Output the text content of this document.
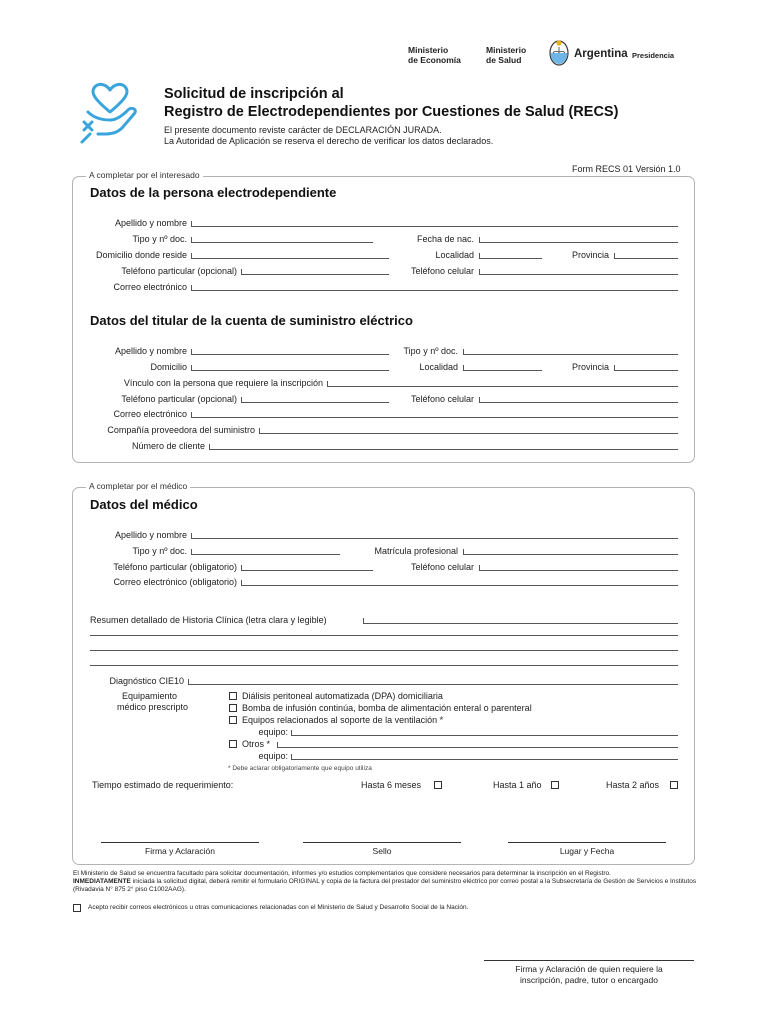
Ministerio
de Economía
Ministerio
de Salud	Argentina Presidencia
Solicitud de inscripción al
Registro de Electrodependientes por Cuestiones de Salud (RECS)
El presente documento reviste carácter de DECLARACIÓN JURADA.
La Autoridad de Aplicación se reserva el derecho de verificar los datos declarados.
Form RECS 01 Versión 1.0
A completar por el interesado
Datos de la persona electrodependiente
Apellido y nombre
Tipo y nº doc.	Fecha de nac.
Domicilio donde reside	Localidad	Provincia
Teléfono particular (opcional)	Teléfono celular
Correo electrónico
Datos del titular de la cuenta de suministro eléctrico
Apellido y nombre	Tipo y nº doc.
Domicilio	Localidad	Provincia
Vínculo con la persona que requiere la inscripción
Teléfono particular (opcional)	Teléfono celular
Correo electrónico
Compañía proveedora del suministro
Número de cliente
A completar por el médico
Datos del médico
Apellido y nombre
Tipo y nº doc.	Matrícula profesional
Teléfono particular (obligatorio)	Teléfono celular
Correo electrónico (obligatorio)
Resumen detallado de Historia Clínica (letra clara y legible)
Diagnóstico CIE10
Equipamiento
médico prescripto
Diálisis peritoneal automatizada (DPA) domiciliaria
Bomba de infusión continúa, bomba de alimentación enteral o parenteral
Equipos relacionados al soporte de la ventilación *
equipo:
Otros *
equipo:
* Debe aclarar obligatoriamente que equipo utiliza
Tiempo estimado de requerimiento:	Hasta 6 meses	Hasta 1 año	Hasta 2 años
Firma y Aclaración	Sello	Lugar y Fecha
El Ministerio de Salud se encuentra facultado para solicitar documentación, informes y/o estudios complementarios que considere necesarios para determinar la inscripción en el Registro.
INMEDIATAMENTE iniciada la solicitud digital, deberá remitir el formulario ORIGINAL y copia de la factura del prestador del suministro eléctrico por correo postal a la Subsecretaría de Gestión de Servicios e Institutos (Rivadavia N° 875 2° piso C1002AAG).
Acepto recibir correos electrónicos u otras comunicaciones relacionadas con el Ministerio de Salud y Desarrollo Social de la Nación.
Firma y Aclaración de quien requiere la
inscripción, padre, tutor o encargado
